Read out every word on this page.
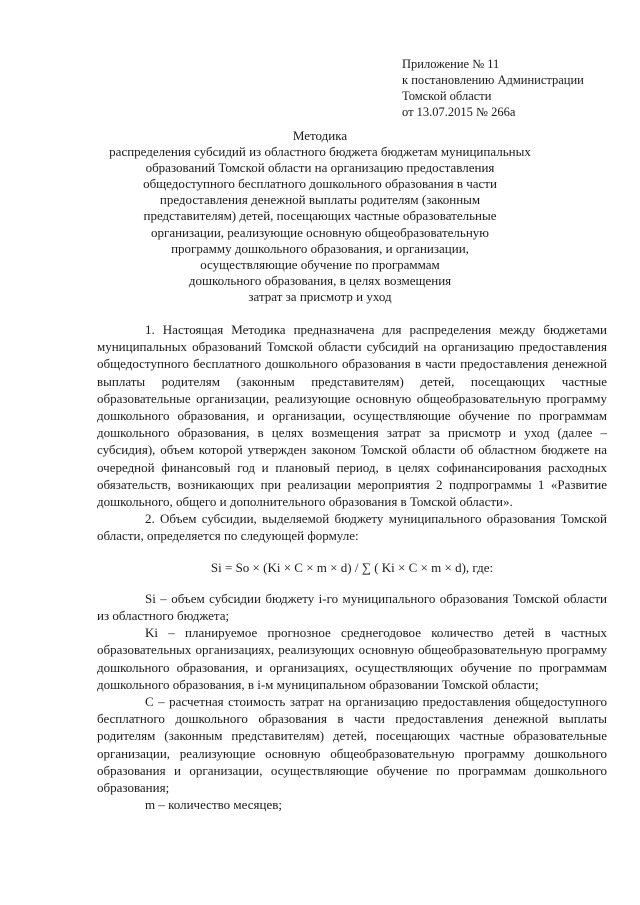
Приложение № 11
к постановлению Администрации
Томской области
от 13.07.2015 № 266а
Методика
распределения субсидий из областного бюджета бюджетам муниципальных
образований Томской области на организацию предоставления
общедоступного бесплатного дошкольного образования в части
предоставления денежной выплаты родителям (законным
представителям) детей, посещающих частные образовательные
организации, реализующие основную общеобразовательную
программу дошкольного образования, и организации,
осуществляющие обучение по программам
дошкольного образования, в целях возмещения
затрат за присмотр и уход

1. Настоящая Методика предназначена для распределения между бюджетами муниципальных образований Томской области субсидий на организацию предоставления общедоступного бесплатного дошкольного образования в части предоставления денежной выплаты родителям (законным представителям) детей, посещающих частные образовательные организации, реализующие основную общеобразовательную программу дошкольного образования, и организации, осуществляющие обучение по программам дошкольного образования, в целях возмещения затрат за присмотр и уход (далее – субсидия), объем которой утвержден законом Томской области об областном бюджете на очередной финансовый год и плановый период, в целях софинансирования расходных обязательств, возникающих при реализации мероприятия 2 подпрограммы 1 «Развитие дошкольного, общего и дополнительного образования в Томской области».

2. Объем субсидии, выделяемой бюджету муниципального образования Томской области, определяется по следующей формуле:

Si = So × (Ki × C × m × d) / ∑ ( Ki × C × m × d), где:

Si – объем субсидии бюджету i-го муниципального образования Томской области из областного бюджета;

Ki – планируемое прогнозное среднегодовое количество детей в частных образовательных организациях, реализующих основную общеобразовательную программу дошкольного образования, и организациях, осуществляющих обучение по программам дошкольного образования, в i-м муниципальном образовании Томской области;

С – расчетная стоимость затрат на организацию предоставления общедоступного бесплатного дошкольного образования в части предоставления денежной выплаты родителям (законным представителям) детей, посещающих частные образовательные организации, реализующие основную общеобразовательную программу дошкольного образования и организации, осуществляющие обучение по программам дошкольного образования;

m – количество месяцев;
